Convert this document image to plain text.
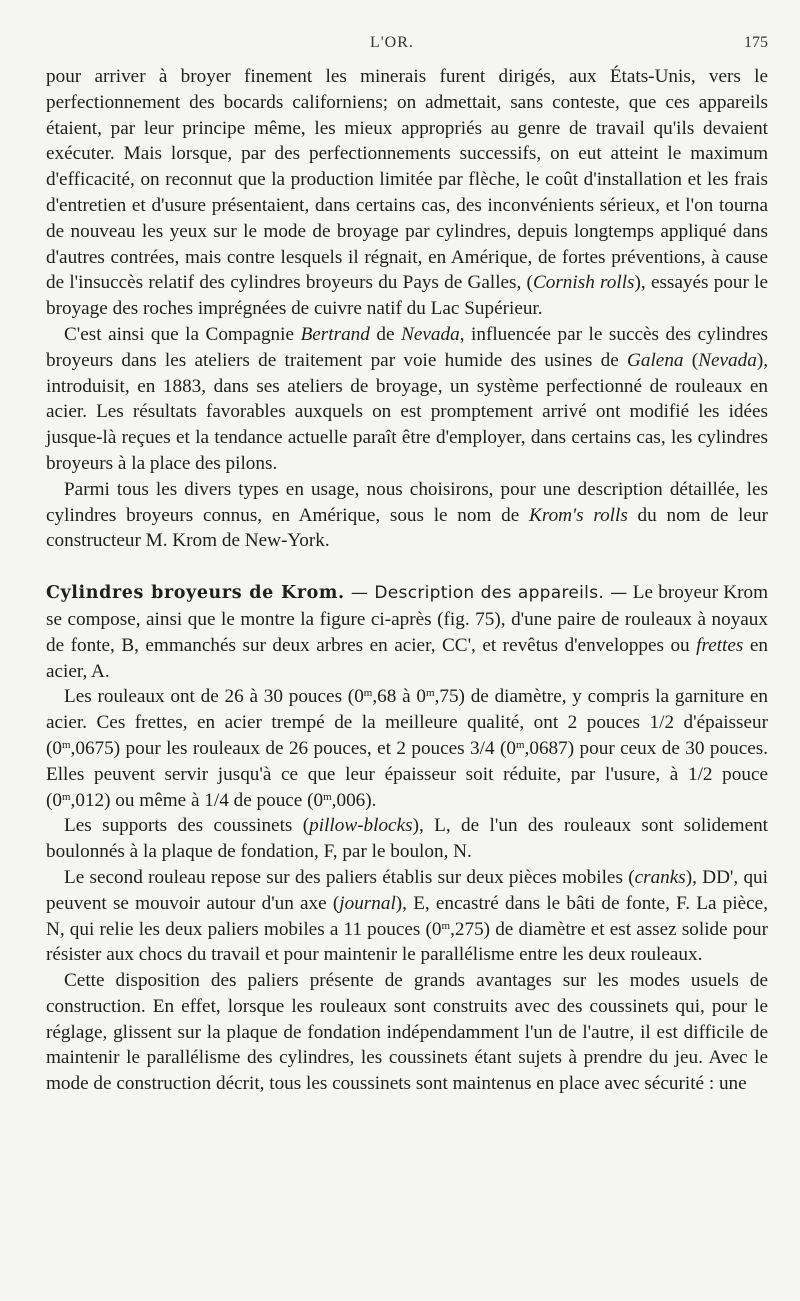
L'OR.	175

pour arriver à broyer finement les minerais furent dirigés, aux États-Unis, vers le perfectionnement des bocards californiens; on admettait, sans conteste, que ces appareils étaient, par leur principe même, les mieux appropriés au genre de travail qu'ils devaient exécuter. Mais lorsque, par des perfectionnements successifs, on eut atteint le maximum d'efficacité, on reconnut que la production limitée par flèche, le coût d'installation et les frais d'entretien et d'usure présentaient, dans certains cas, des inconvénients sérieux, et l'on tourna de nouveau les yeux sur le mode de broyage par cylindres, depuis longtemps appliqué dans d'autres contrées, mais contre lesquels il régnait, en Amérique, de fortes préventions, à cause de l'insuccès relatif des cylindres broyeurs du Pays de Galles, (Cornish rolls), essayés pour le broyage des roches imprégnées de cuivre natif du Lac Supérieur.

C'est ainsi que la Compagnie Bertrand de Nevada, influencée par le succès des cylindres broyeurs dans les ateliers de traitement par voie humide des usines de Galena (Nevada), introduisit, en 1883, dans ses ateliers de broyage, un système perfectionné de rouleaux en acier. Les résultats favorables auxquels on est promptement arrivé ont modifié les idées jusque-là reçues et la tendance actuelle paraît être d'employer, dans certains cas, les cylindres broyeurs à la place des pilons.

Parmi tous les divers types en usage, nous choisirons, pour une description détaillée, les cylindres broyeurs connus, en Amérique, sous le nom de Krom's rolls du nom de leur constructeur M. Krom de New-York.

Cylindres broyeurs de Krom. — Description des appareils. — Le broyeur Krom se compose, ainsi que le montre la figure ci-après (fig. 75), d'une paire de rouleaux à noyaux de fonte, B, emmanchés sur deux arbres en acier, CC', et revêtus d'enveloppes ou frettes en acier, A.

Les rouleaux ont de 26 à 30 pouces (0$^m$,68 à 0$^m$,75) de diamètre, y compris la garniture en acier. Ces frettes, en acier trempé de la meilleure qualité, ont 2 pouces 1/2 d'épaisseur (0$^m$,0675) pour les rouleaux de 26 pouces, et 2 pouces 3/4 (0$^m$,0687) pour ceux de 30 pouces. Elles peuvent servir jusqu'à ce que leur épaisseur soit réduite, par l'usure, à 1/2 pouce (0$^m$,012) ou même à 1/4 de pouce (0$^m$,006).

Les supports des coussinets (pillow-blocks), L, de l'un des rouleaux sont solidement boulonnés à la plaque de fondation, F, par le boulon, N.

Le second rouleau repose sur des paliers établis sur deux pièces mobiles (cranks), DD', qui peuvent se mouvoir autour d'un axe (journal), E, encastré dans le bâti de fonte, F. La pièce, N, qui relie les deux paliers mobiles a 11 pouces (0$^m$,275) de diamètre et est assez solide pour résister aux chocs du travail et pour maintenir le parallélisme entre les deux rouleaux.

Cette disposition des paliers présente de grands avantages sur les modes usuels de construction. En effet, lorsque les rouleaux sont construits avec des coussinets qui, pour le réglage, glissent sur la plaque de fondation indépendamment l'un de l'autre, il est difficile de maintenir le parallélisme des cylindres, les coussinets étant sujets à prendre du jeu. Avec le mode de construction décrit, tous les coussinets sont maintenus en place avec sécurité : une
